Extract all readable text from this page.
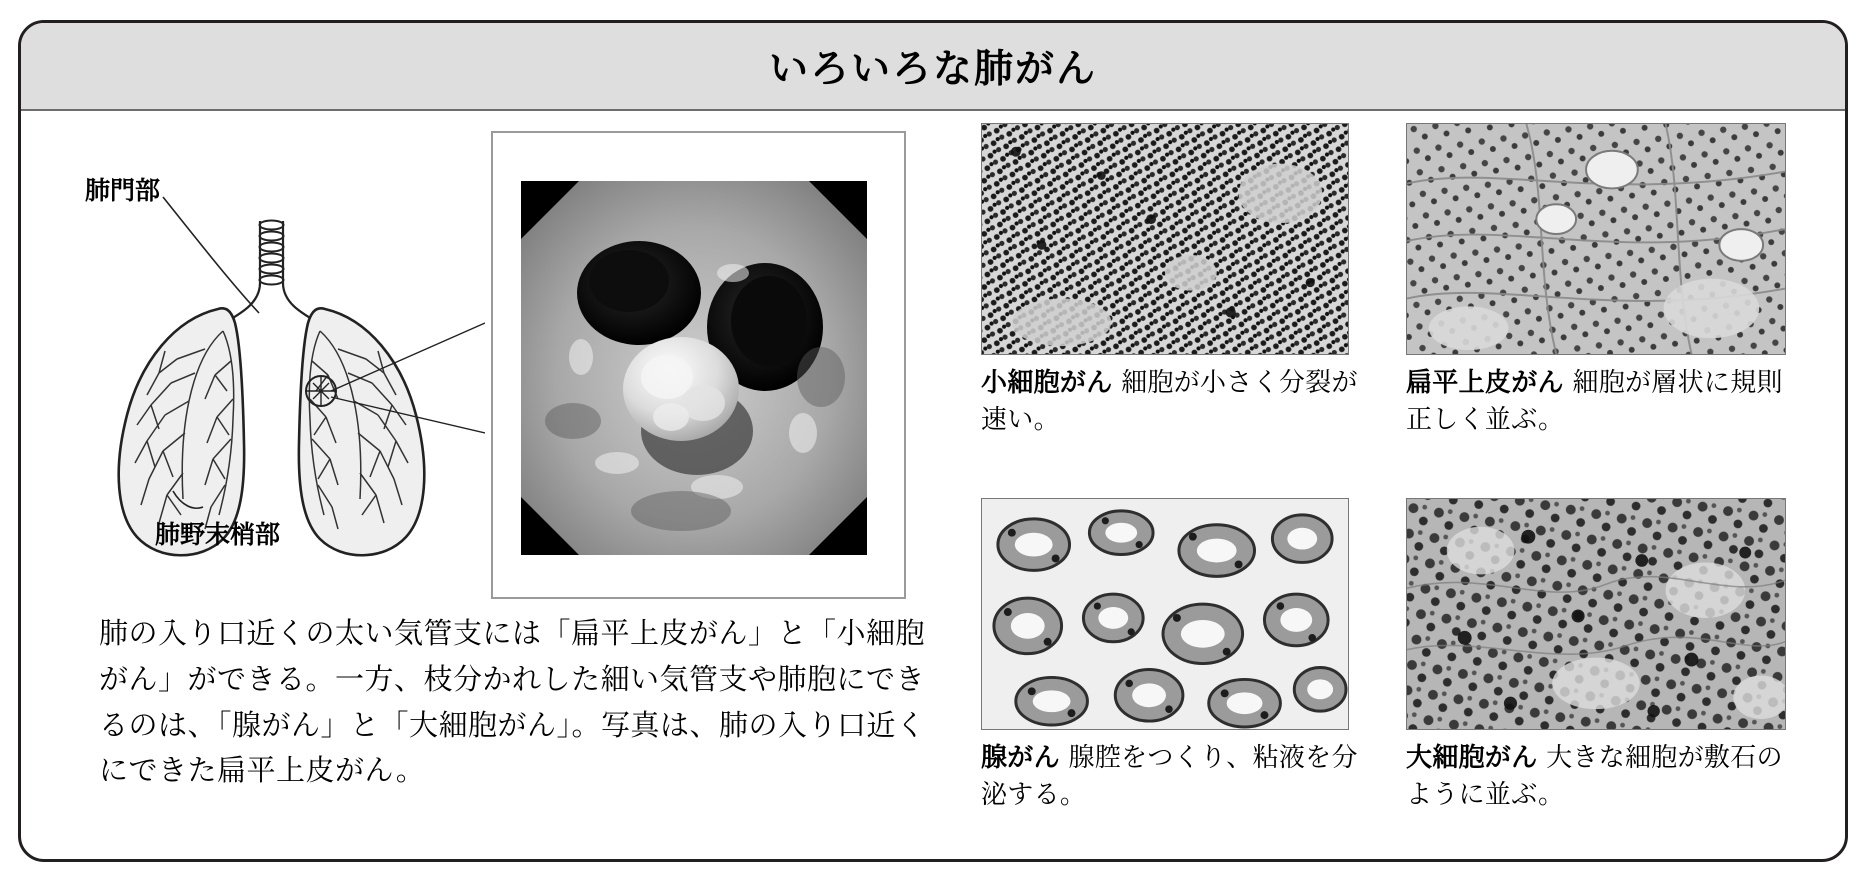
いろいろな肺がん
肺門部
肺野末梢部
肺の入り口近くの太い気管支には「扁平上皮がん」と「小細胞がん」ができる。一方、枝分かれした細い気管支や肺胞にできるのは、「腺がん」と「大細胞がん」。写真は、肺の入り口近くにできた扁平上皮がん。
小細胞がん 細胞が小さく分裂が速い。
扁平上皮がん 細胞が層状に規則正しく並ぶ。
腺がん 腺腔をつくり、粘液を分泌する。
大細胞がん 大きな細胞が敷石のように並ぶ。
